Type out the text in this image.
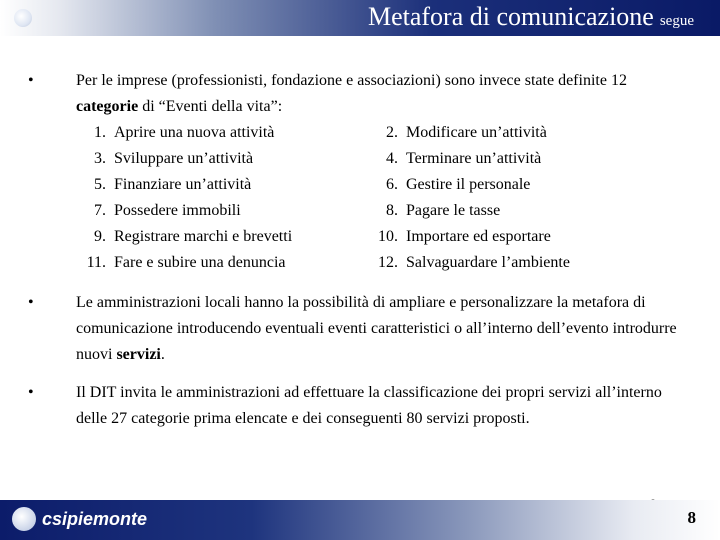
Metafora di comunicazione segue
•	Per le imprese (professionisti, fondazione e associazioni) sono invece state definite 12 categorie di “Eventi della vita”:
1. Aprire una nuova attività	2. Modificare un’attività
3. Sviluppare un’attività	4. Terminare un’attività
5. Finanziare un’attività	6. Gestire il personale
7. Possedere immobili	8. Pagare le tasse
9. Registrare marchi e brevetti	10. Importare ed esportare
11. Fare e subire una denuncia	12. Salvaguardare l’ambiente
•	Le amministrazioni locali hanno la possibilità di ampliare e personalizzare la metafora di comunicazione introducendo eventuali eventi caratteristici o all’interno dell’evento introdurre nuovi servizi.
•	Il DIT invita le amministrazioni ad effettuare la classificazione dei propri servizi all’interno delle 27 categorie prima elencate e dei conseguenti 80 servizi proposti.
csipiemonte	8
